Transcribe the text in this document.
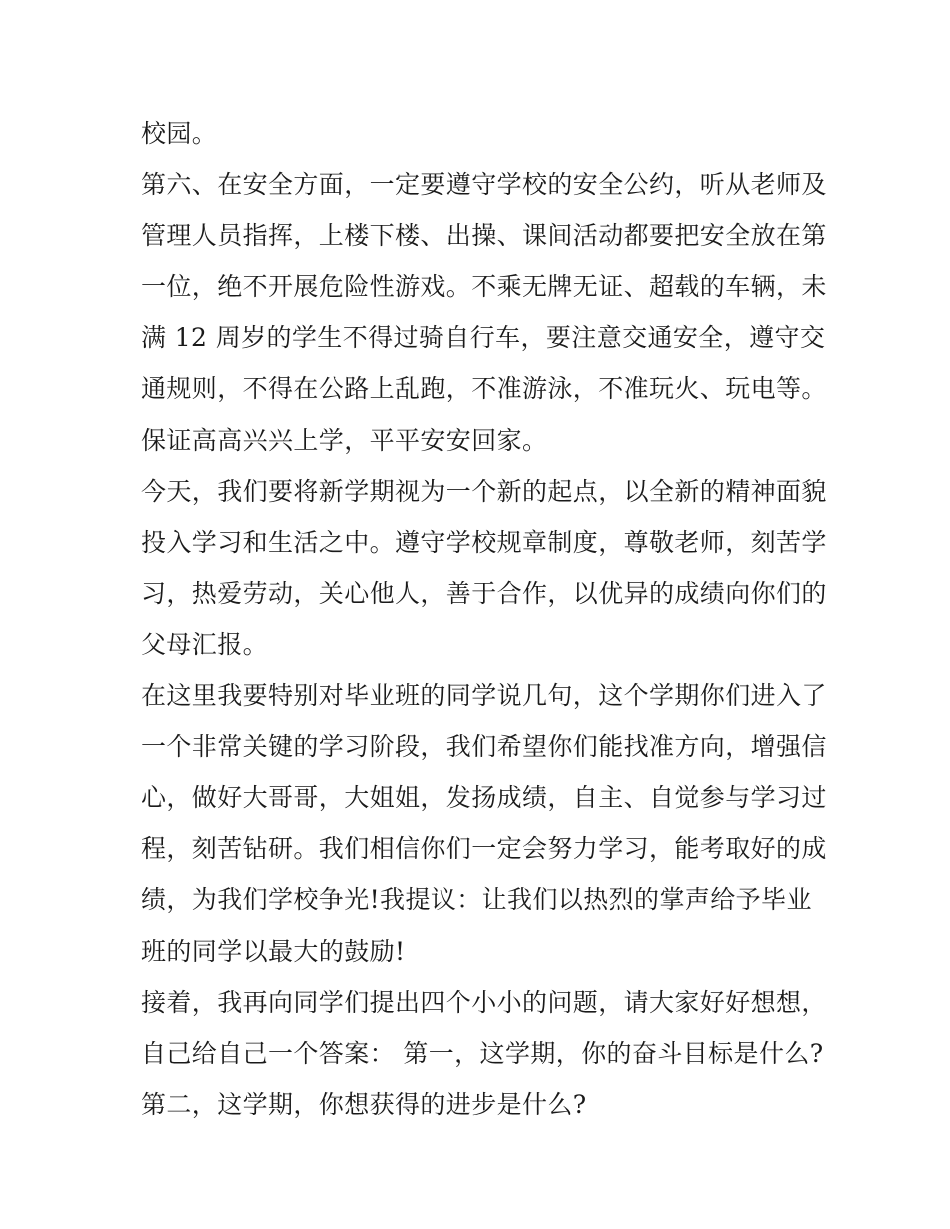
校园。
第六、在安全方面，一定要遵守学校的安全公约，听从老师及
管理人员指挥，上楼下楼、出操、课间活动都要把安全放在第
一位，绝不开展危险性游戏。不乘无牌无证、超载的车辆，未
满 12 周岁的学生不得过骑自行车，要注意交通安全，遵守交
通规则，不得在公路上乱跑，不准游泳，不准玩火、玩电等。
保证高高兴兴上学，平平安安回家。
今天，我们要将新学期视为一个新的起点，以全新的精神面貌
投入学习和生活之中。遵守学校规章制度，尊敬老师，刻苦学
习，热爱劳动，关心他人，善于合作，以优异的成绩向你们的
父母汇报。
在这里我要特别对毕业班的同学说几句，这个学期你们进入了
一个非常关键的学习阶段，我们希望你们能找准方向，增强信
心，做好大哥哥，大姐姐，发扬成绩，自主、自觉参与学习过
程，刻苦钻研。我们相信你们一定会努力学习，能考取好的成
绩，为我们学校争光!我提议：让我们以热烈的掌声给予毕业
班的同学以最大的鼓励!
接着，我再向同学们提出四个小小的问题，请大家好好想想，
自己给自己一个答案： 第一，这学期，你的奋斗目标是什么?
第二，这学期，你想获得的进步是什么?
